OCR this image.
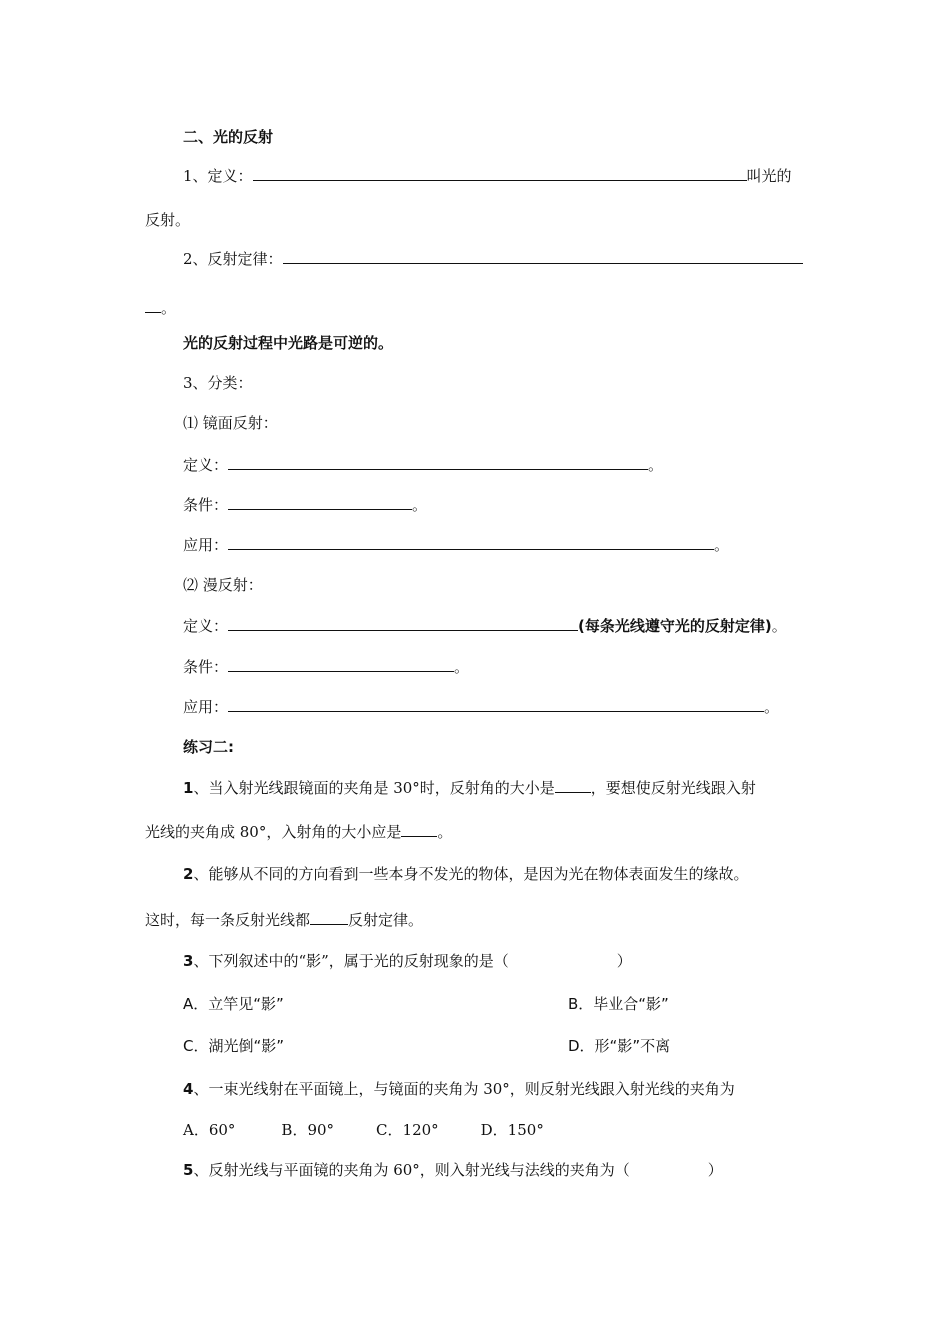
二、光的反射
1、定义：	叫光的
反射。
2、反射定律：
。
光的反射过程中光路是可逆的。
3、分类：
⑴ 镜面反射：
定义：	。
条件：	。
应用：	。
⑵ 漫反射：
定义：	(每条光线遵守光的反射定律)。
条件：	。
应用：	。
练习二:
1、当入射光线跟镜面的夹角是 30°时，反射角的大小是 ，要想使反射光线跟入射
光线的夹角成 80°，入射角的大小应是 。
2、能够从不同的方向看到一些本身不发光的物体，是因为光在物体表面发生的缘故。
这时，每一条反射光线都	反射定律。
3、下列叙述中的“影”，属于光的反射现象的是（	）
A．立竿见“影”	B．毕业合“影”
C．湖光倒“影”	D．形“影”不离
4、一束光线射在平面镜上，与镜面的夹角为 30°，则反射光线跟入射光线的夹角为
A．60°	B．90°	C．120°	D．150°
5、反射光线与平面镜的夹角为 60°，则入射光线与法线的夹角为（	）
